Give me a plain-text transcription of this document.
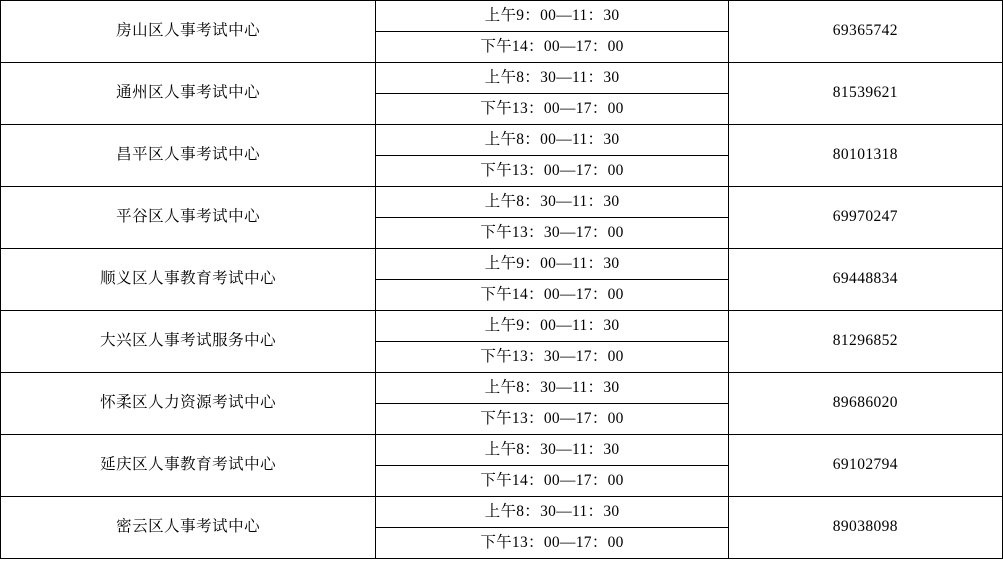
房山区人事考试中心	上午9：00—11：30	69365742
	下午14：00—17：00	
通州区人事考试中心	上午8：30—11：30	81539621
	下午13：00—17：00	
昌平区人事考试中心	上午8：00—11：30	80101318
	下午13：00—17：00	
平谷区人事考试中心	上午8：30—11：30	69970247
	下午13：30—17：00	
顺义区人事教育考试中心	上午9：00—11：30	69448834
	下午14：00—17：00	
大兴区人事考试服务中心	上午9：00—11：30	81296852
	下午13：30—17：00	
怀柔区人力资源考试中心	上午8：30—11：30	89686020
	下午13：00—17：00	
延庆区人事教育考试中心	上午8：30—11：30	69102794
	下午14：00—17：00	
密云区人事考试中心	上午8：30—11：30	89038098
	下午13：00—17：00	
